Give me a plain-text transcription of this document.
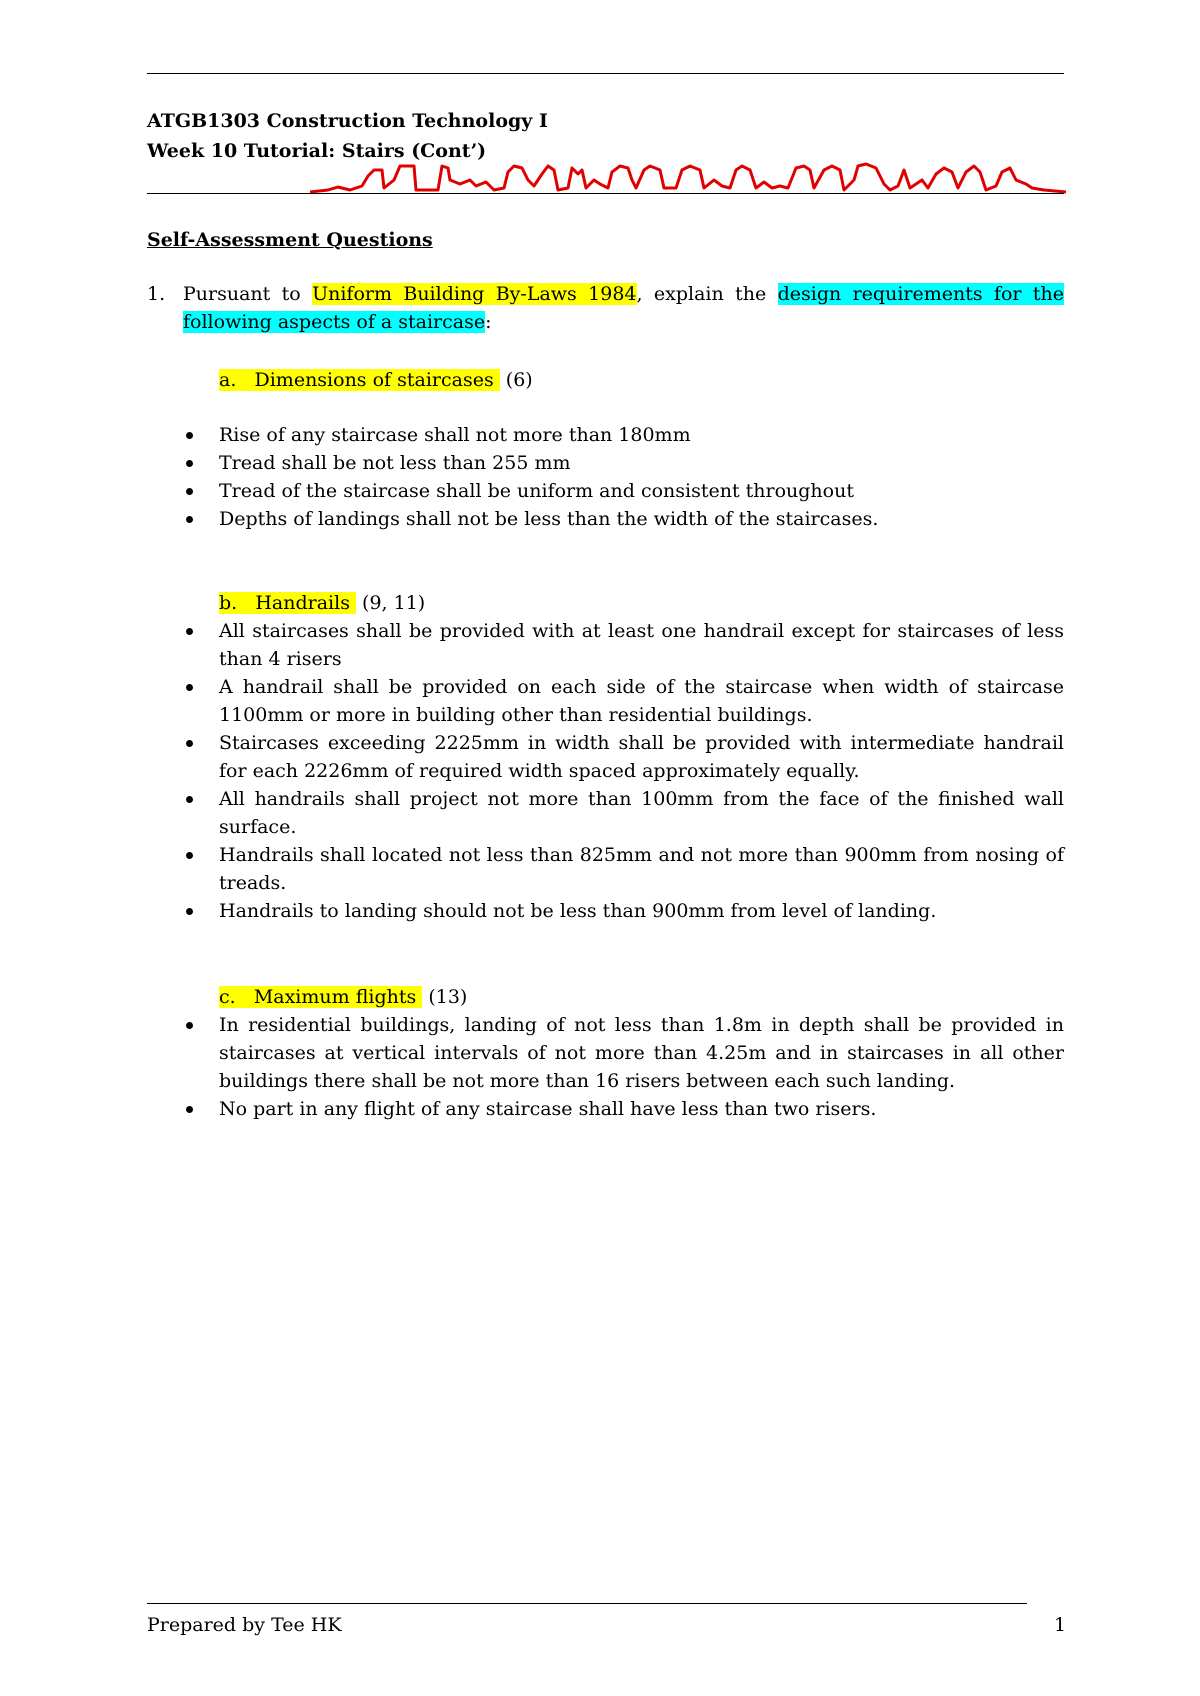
ATGB1303 Construction Technology I
Week 10 Tutorial: Stairs (Cont’)
Self-Assessment Questions
1. Pursuant to Uniform Building By-Laws 1984, explain the design requirements for the following aspects of a staircase:
a. Dimensions of staircases  (6)
Rise of any staircase shall not more than 180mm
Tread shall be not less than 255 mm
Tread of the staircase shall be uniform and consistent throughout
Depths of landings shall not be less than the width of the staircases.
b. Handrails  (9, 11)
All staircases shall be provided with at least one handrail except for staircases of less than 4 risers
A handrail shall be provided on each side of the staircase when width of staircase 1100mm or more in building other than residential buildings.
Staircases exceeding 2225mm in width shall be provided with intermediate handrail for each 2226mm of required width spaced approximately equally.
All handrails shall project not more than 100mm from the face of the finished wall surface.
Handrails shall located not less than 825mm and not more than 900mm from nosing of treads.
Handrails to landing should not be less than 900mm from level of landing.
c. Maximum flights  (13)
In residential buildings, landing of not less than 1.8m in depth shall be provided in staircases at vertical intervals of not more than 4.25m and in staircases in all other buildings there shall be not more than 16 risers between each such landing.
No part in any flight of any staircase shall have less than two risers.
Prepared by Tee HK	1
